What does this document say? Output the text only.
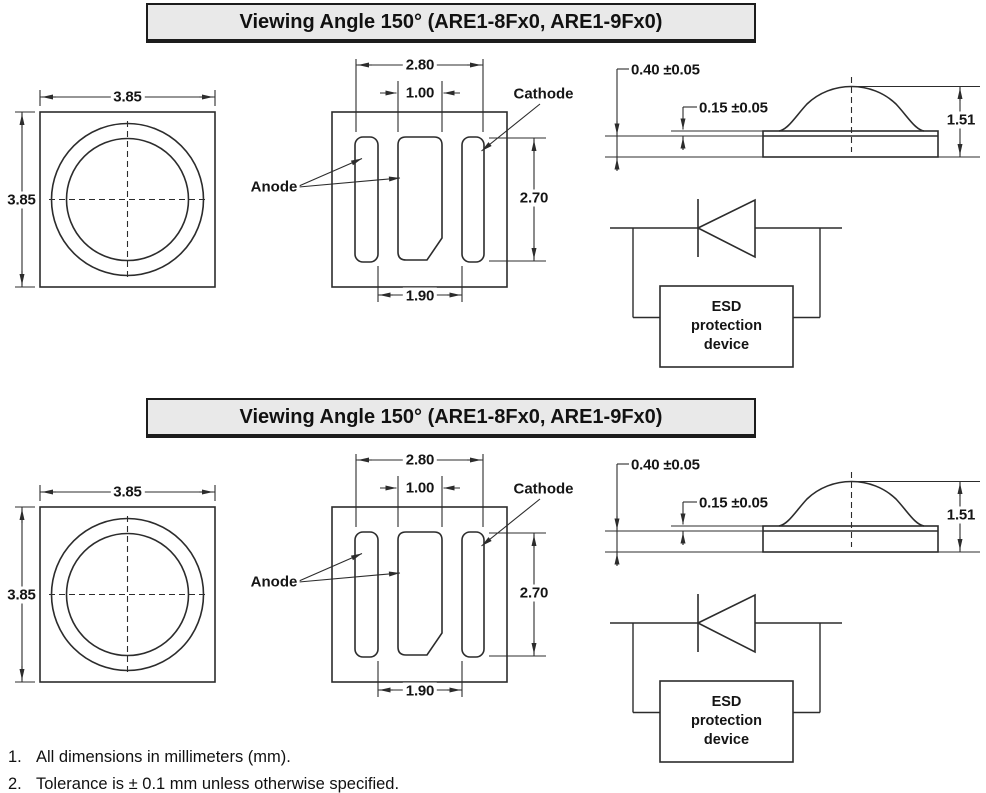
Viewing Angle 150° (ARE1-8Fx0, ARE1-9Fx0)
3.85
3.85
2.80
1.00
2.70
1.90
Cathode
Anode
0.40 ±0.05
0.15 ±0.05
1.51
ESD
protection
device
Viewing Angle 150° (ARE1-8Fx0, ARE1-9Fx0)
3.85
3.85
2.80
1.00
2.70
1.90
Cathode
Anode
0.40 ±0.05
0.15 ±0.05
1.51
ESD
protection
device
1. All dimensions in millimeters (mm).
2. Tolerance is ± 0.1 mm unless otherwise specified.
